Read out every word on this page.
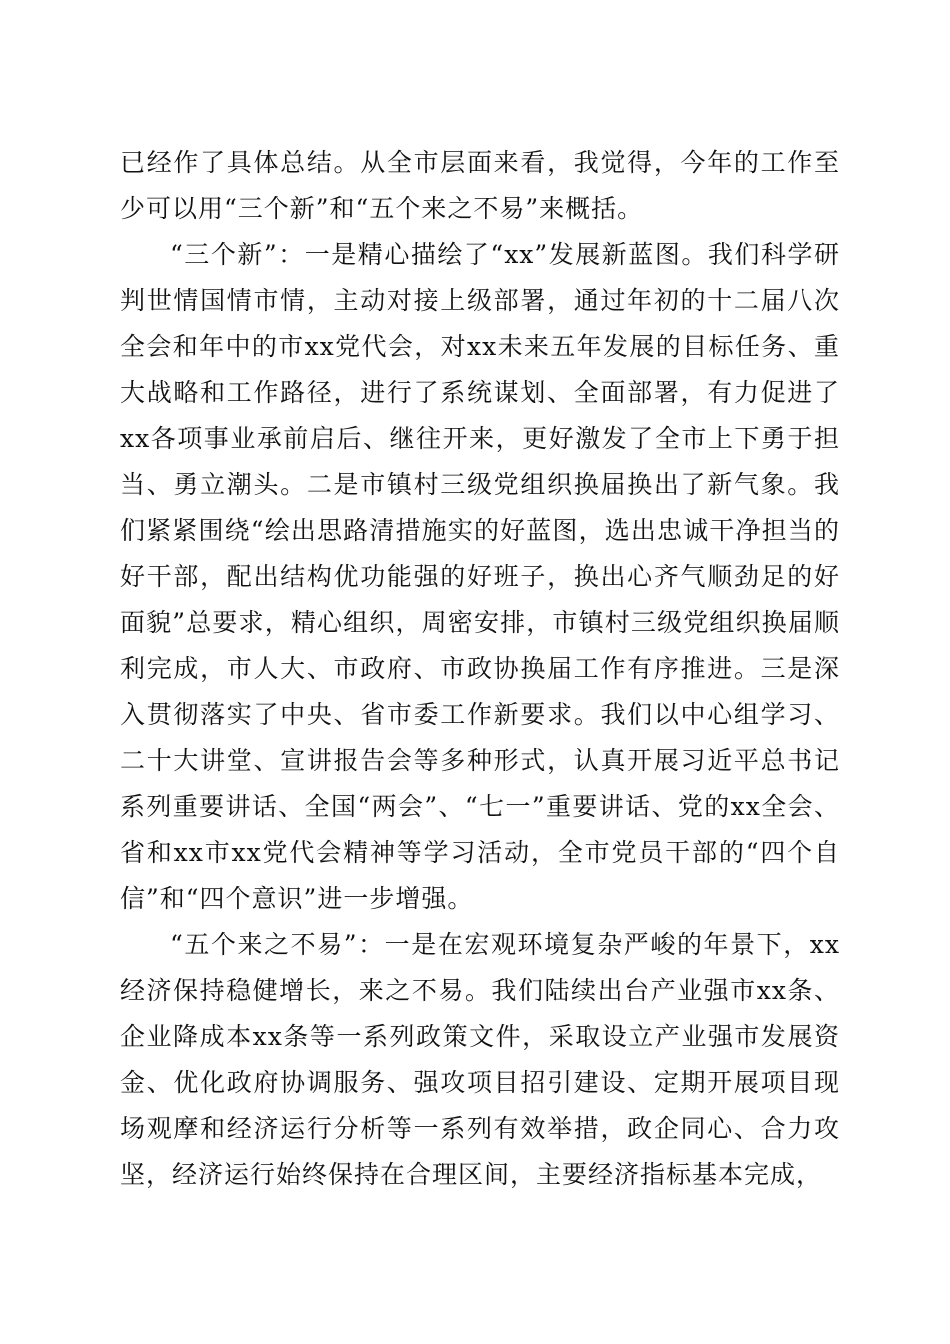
已经作了具体总结。从全市层面来看，我觉得，今年的工作至少可以用“三个新”和“五个来之不易”来概括。

“三个新”：一是精心描绘了“xx”发展新蓝图。我们科学研判世情国情市情，主动对接上级部署，通过年初的十二届八次全会和年中的市xx党代会，对xx未来五年发展的目标任务、重大战略和工作路径，进行了系统谋划、全面部署，有力促进了xx各项事业承前启后、继往开来，更好激发了全市上下勇于担当、勇立潮头。二是市镇村三级党组织换届换出了新气象。我们紧紧围绕“绘出思路清措施实的好蓝图，选出忠诚干净担当的好干部，配出结构优功能强的好班子，换出心齐气顺劲足的好面貌”总要求，精心组织，周密安排，市镇村三级党组织换届顺利完成，市人大、市政府、市政协换届工作有序推进。三是深入贯彻落实了中央、省市委工作新要求。我们以中心组学习、二十大讲堂、宣讲报告会等多种形式，认真开展习近平总书记系列重要讲话、全国“两会”、“七一”重要讲话、党的xx全会、省和xx市xx党代会精神等学习活动，全市党员干部的“四个自信”和“四个意识”进一步增强。

“五个来之不易”：一是在宏观环境复杂严峻的年景下，xx经济保持稳健增长，来之不易。我们陆续出台产业强市xx条、企业降成本xx条等一系列政策文件，采取设立产业强市发展资金、优化政府协调服务、强攻项目招引建设、定期开展项目现场观摩和经济运行分析等一系列有效举措，政企同心、合力攻坚，经济运行始终保持在合理区间，主要经济指标基本完成，
